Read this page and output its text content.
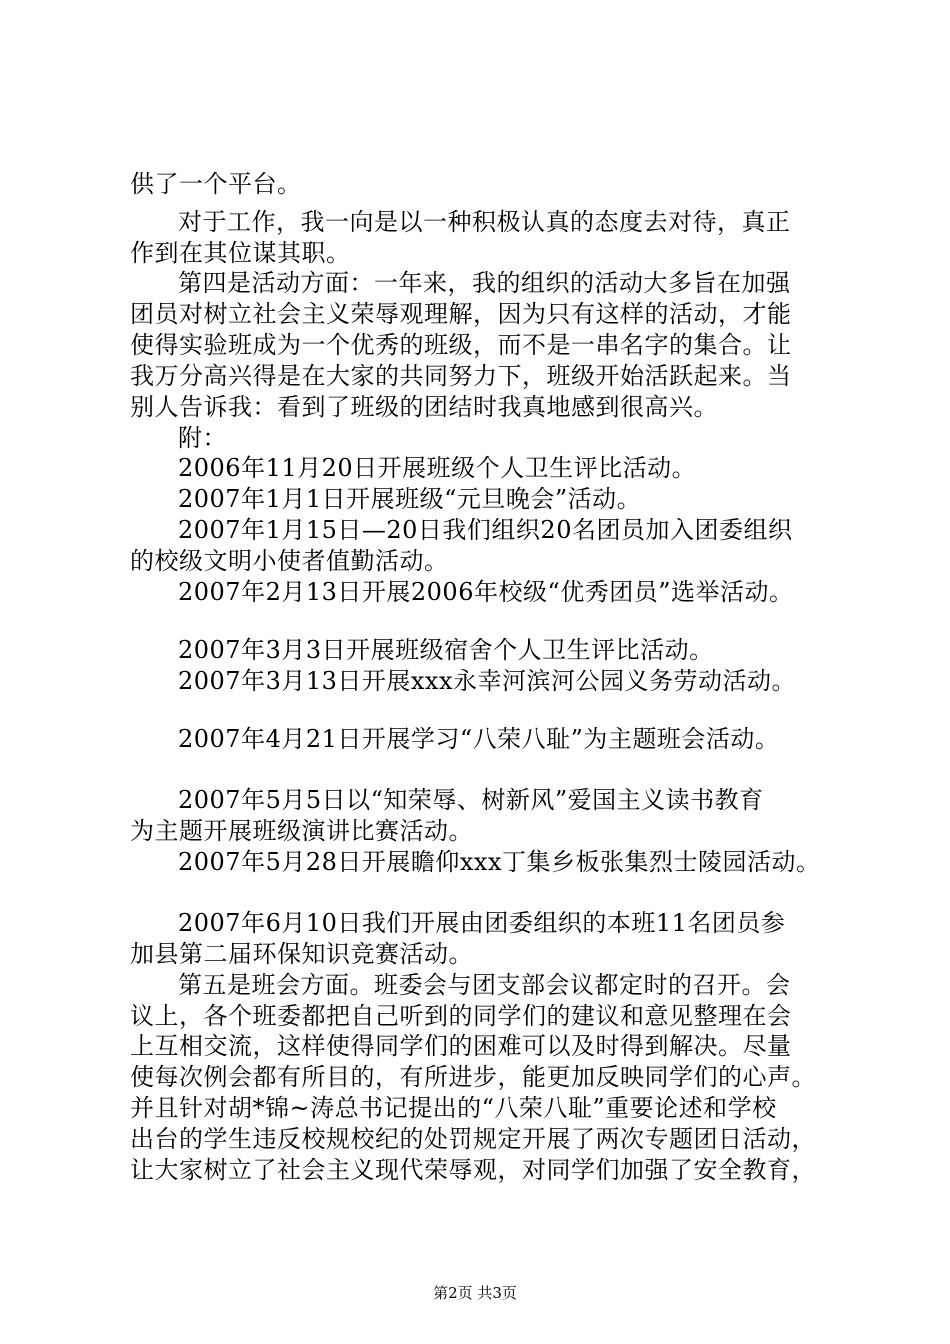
供了一个平台。
对于工作，我一向是以一种积极认真的态度去对待，真正
作到在其位谋其职。
第四是活动方面：一年来，我的组织的活动大多旨在加强
团员对树立社会主义荣辱观理解，因为只有这样的活动，才能
使得实验班成为一个优秀的班级，而不是一串名字的集合。让
我万分高兴得是在大家的共同努力下，班级开始活跃起来。当
别人告诉我：看到了班级的团结时我真地感到很高兴。
附：
2006年11月20日开展班级个人卫生评比活动。
2007年1月1日开展班级“元旦晚会”活动。
2007年1月15日—20日我们组织20名团员加入团委组织
的校级文明小使者值勤活动。
2007年2月13日开展2006年校级“优秀团员”选举活动。
2007年3月3日开展班级宿舍个人卫生评比活动。
2007年3月13日开展xxx永幸河滨河公园义务劳动活动。
2007年4月21日开展学习“八荣八耻”为主题班会活动。
2007年5月5日以“知荣辱、树新风”爱国主义读书教育
为主题开展班级演讲比赛活动。
2007年5月28日开展瞻仰xxx丁集乡板张集烈士陵园活动。
2007年6月10日我们开展由团委组织的本班11名团员参
加县第二届环保知识竞赛活动。
第五是班会方面。班委会与团支部会议都定时的召开。会
议上，各个班委都把自己听到的同学们的建议和意见整理在会
上互相交流，这样使得同学们的困难可以及时得到解决。尽量
使每次例会都有所目的，有所进步，能更加反映同学们的心声。
并且针对胡*锦~涛总书记提出的“八荣八耻”重要论述和学校
出台的学生违反校规校纪的处罚规定开展了两次专题团日活动，
让大家树立了社会主义现代荣辱观，对同学们加强了安全教育，
第2页 共3页
